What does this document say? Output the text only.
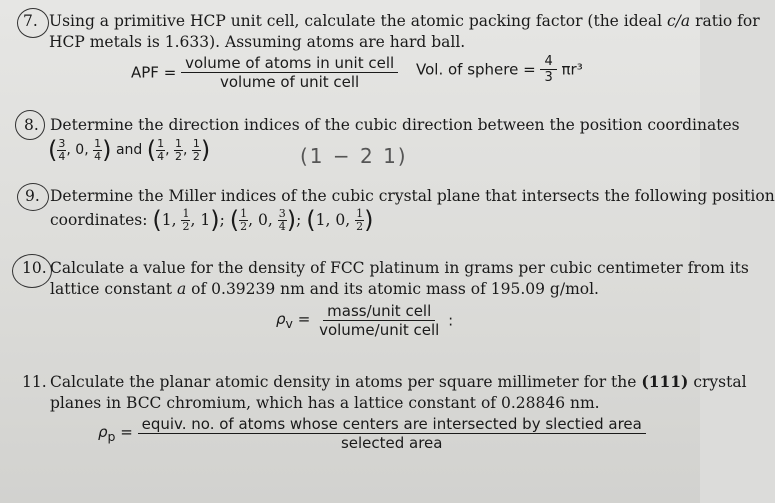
7. Using a primitive HCP unit cell, calculate the atomic packing factor (the ideal c/a ratio for
HCP metals is 1.633). Assuming atoms are hard ball.
APF = $\frac{\text{volume of atoms in unit cell}}{\text{volume of unit cell}}$ Vol. of sphere = $\frac{4}{3} \pi r^3$
8. Determine the direction indices of the cubic direction between the position coordinates
( $\frac{3}{4}$ , 0, $\frac{1}{4}$ ) and ( $\frac{1}{4}$ , $\frac{1}{2}$ , $\frac{1}{2}$ )	(1 − 2 1)
9. Determine the Miller indices of the cubic crystal plane that intersects the following position
coordinates: (1, $\frac{1}{2}$ , 1); ( $\frac{1}{2}$ , 0, $\frac{3}{4}$ ); (1, 0, $\frac{1}{2}$ )
10. Calculate a value for the density of FCC platinum in grams per cubic centimeter from its
lattice constant a of 0.39239 nm and its atomic mass of 195.09 g/mol.
$\rho_v = \frac{\text{mass/unit cell}}{\text{volume/unit cell}}$ :
11. Calculate the planar atomic density in atoms per square millimeter for the (111) crystal
planes in BCC chromium, which has a lattice constant of 0.28846 nm.
$\rho_p$ = equiv. no. of atoms whose centers are intersected by slectied area
selected area
